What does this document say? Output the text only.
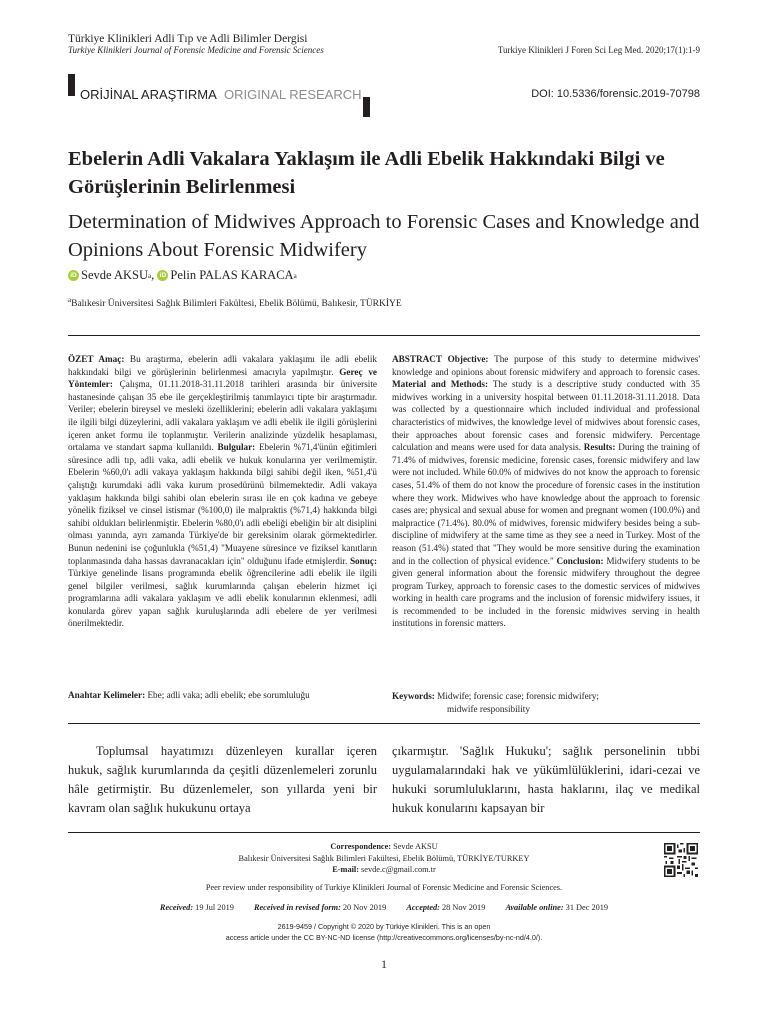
Türkiye Klinikleri Adli Tıp ve Adli Bilimler Dergisi
Turkiye Klinikleri Journal of Forensic Medicine and Forensic Sciences	Turkiye Klinikleri J Foren Sci Leg Med. 2020;17(1):1-9
ORİJİNAL ARAŞTIRMA ORIGINAL RESEARCH	DOI: 10.5336/forensic.2019-70798
Ebelerin Adli Vakalara Yaklaşım ile Adli Ebelik Hakkındaki Bilgi ve Görüşlerinin Belirlenmesi
Determination of Midwives Approach to Forensic Cases and Knowledge and Opinions About Forensic Midwifery
iD Sevde AKSU a ,
iD Pelin PALAS KARACA a
$^a$Balıkesir Üniversitesi Sağlık Bilimleri Fakültesi, Ebelik Bölümü, Balıkesir, TÜRKİYE
ÖZET Amaç: Bu araştırma, ebelerin adli vakalara yaklaşımı ile adli ebelik hakkındaki bilgi ve görüşlerinin belirlenmesi amacıyla yapılmıştır. Gereç ve Yöntemler: Çalışma, 01.11.2018-31.11.2018 tarihleri arasında bir üniversite hastanesinde çalışan 35 ebe ile gerçekleştirilmiş tanımlayıcı tipte bir araştırmadır. Veriler; ebelerin bireysel ve mesleki özelliklerini; ebelerin adli vakalara yaklaşımı ile ilgili bilgi düzeylerini, adli vakalara yaklaşım ve adli ebelik ile ilgili görüşlerini içeren anket formu ile toplanmıştır. Verilerin analizinde yüzdelik hesaplaması, ortalama ve standart sapma kullanıldı. Bulgular: Ebelerin %71,4'ünün eğitimleri süresince adli tıp, adli vaka, adli ebelik ve hukuk konularına yer verilmemiştir. Ebelerin %60,0'ı adli vakaya yaklaşım hakkında bilgi sahibi değil iken, %51,4'ü çalıştığı kurumdaki adli vaka kurum prosedürünü bilmemektedir. Adli vakaya yaklaşım hakkında bilgi sahibi olan ebelerin sırası ile en çok kadına ve gebeye yönelik fiziksel ve cinsel istismar (%100,0) ile malpraktis (%71,4) hakkında bilgi sahibi oldukları belirlenmiştir. Ebelerin %80,0'ı adli ebeliği ebeliğin bir alt disiplini olması yanında, ayrı zamanda Türkiye'de bir gereksinim olarak görmektedirler. Bunun nedenini ise çoğunlukla (%51,4) "Muayene süresince ve fiziksel kanıtların toplanmasında daha hassas davranacakları için" olduğunu ifade etmişlerdir. Sonuç: Türkiye genelinde lisans programında ebelik öğrencilerine adli ebelik ile ilgili genel bilgiler verilmesi, sağlık kurumlarında çalışan ebelerin hizmet içi programlarına adli vakalara yaklaşım ve adli ebelik konularının eklenmesi, adli konularda görev yapan sağlık kuruluşlarında adli ebelere de yer verilmesi önerilmektedir.
ABSTRACT Objective: The purpose of this study to determine midwives' knowledge and opinions about forensic midwifery and approach to forensic cases. Material and Methods: The study is a descriptive study conducted with 35 midwives working in a university hospital between 01.11.2018-31.11.2018. Data was collected by a questionnaire which included individual and professional characteristics of midwives, the knowledge level of midwives about forensic cases, their approaches about forensic cases and forensic midwifery. Percentage calculation and means were used for data analysis. Results: During the training of 71.4% of midwives, forensic medicine, forensic cases, forensic midwifery and law were not included. While 60.0% of midwives do not know the approach to forensic cases, 51.4% of them do not know the procedure of forensic cases in the institution where they work. Midwives who have knowledge about the approach to forensic cases are; physical and sexual abuse for women and pregnant women (100.0%) and malpractice (71.4%). 80.0% of midwives, forensic midwifery besides being a sub-discipline of midwifery at the same time as they see a need in Turkey. Most of the reason (51.4%) stated that "They would be more sensitive during the examination and in the collection of physical evidence." Conclusion: Midwifery students to be given general information about the forensic midwifery throughout the degree program Turkey, approach to forensic cases to the domestic services of midwives working in health care programs and the inclusion of forensic midwifery issues, it is recommended to be included in the forensic midwives serving in health institutions in forensic matters.
Anahtar Kelimeler: Ebe; adli vaka; adli ebelik; ebe sorumluluğu	Keywords: Midwife; forensic case; forensic midwifery;
midwife responsibility
Toplumsal hayatımızı düzenleyen kurallar içeren hukuk, sağlık kurumlarında da çeşitli düzenlemeleri zorunlu hâle getirmiştir. Bu düzenlemeler, son yıllarda yeni bir kavram olan sağlık hukukunu ortaya
çıkarmıştır. 'Sağlık Hukuku'; sağlık personelinin tıbbi uygulamalarındaki hak ve yükümlülüklerini, idari-cezai ve hukuki sorumluluklarını, hasta haklarını, ilaç ve medikal hukuk konularını kapsayan bir
Correspondence: Sevde AKSU
Balıkesir Üniversitesi Sağlık Bilimleri Fakültesi, Ebelik Bölümü, TÜRKİYE/TURKEY
E-mail: sevde.c@gmail.com.tr
Peer review under responsibility of Turkiye Klinikleri Journal of Forensic Medicine and Forensic Sciences.
Received: 19 Jul 2019 Received in revised form: 20 Nov 2019 Accepted: 28 Nov 2019 Available online: 31 Dec 2019
2619-9459 / Copyright © 2020 by Türkiye Klinikleri. This is an open
access article under the CC BY-NC-ND license (http://creativecommons.org/licenses/by-nc-nd/4.0/).
1
